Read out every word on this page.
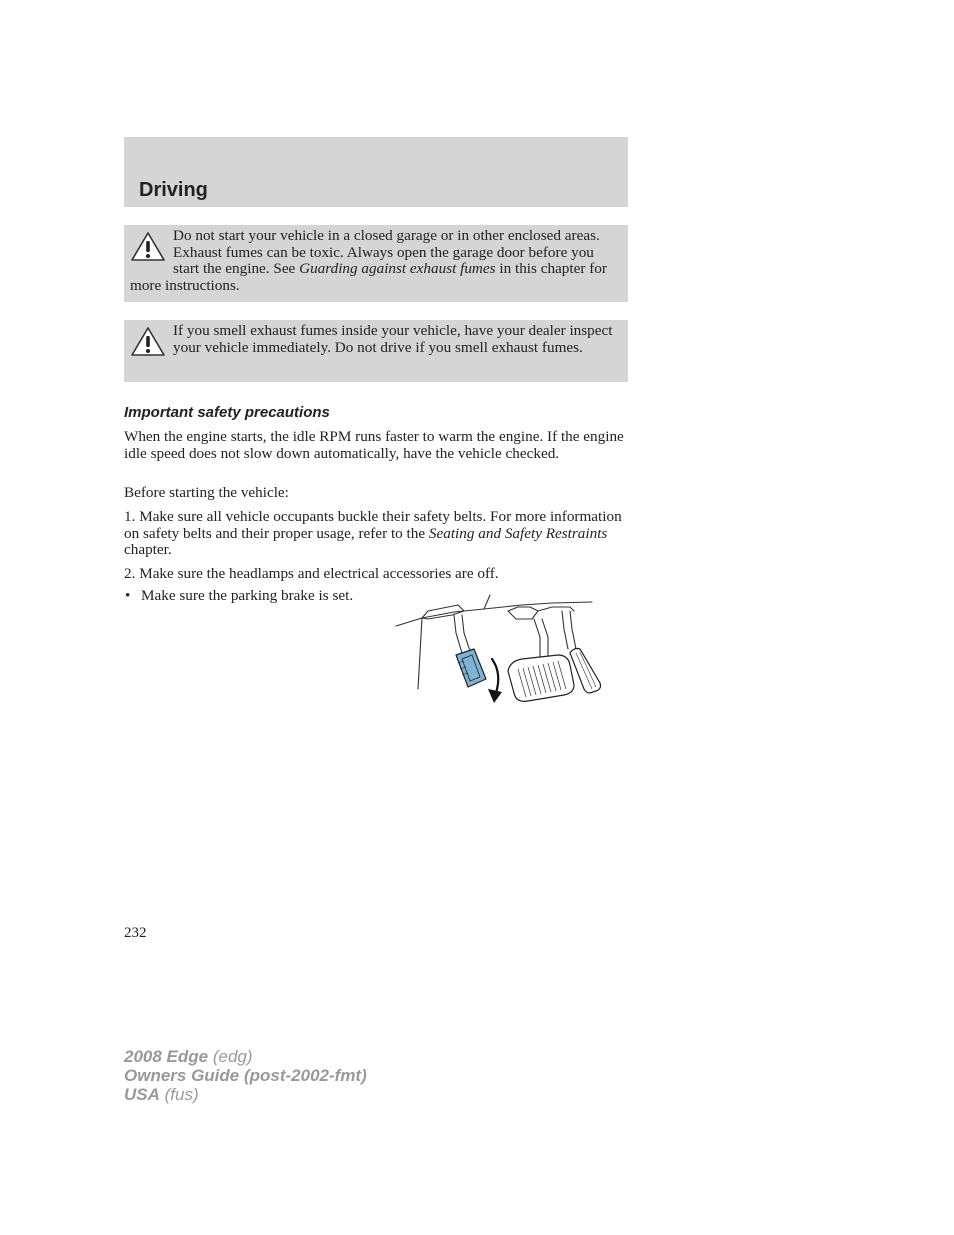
Driving
Do not start your vehicle in a closed garage or in other enclosed areas. Exhaust fumes can be toxic. Always open the garage door before you start the engine. See Guarding against exhaust fumes in this chapter for more instructions.
If you smell exhaust fumes inside your vehicle, have your dealer inspect your vehicle immediately. Do not drive if you smell exhaust fumes.
Important safety precautions

When the engine starts, the idle RPM runs faster to warm the engine. If the engine idle speed does not slow down automatically, have the vehicle checked.

Before starting the vehicle:

1. Make sure all vehicle occupants buckle their safety belts. For more information on safety belts and their proper usage, refer to the Seating and Safety Restraints chapter.

2. Make sure the headlamps and electrical accessories are off.

• Make sure the parking brake is set.
232
2008 Edge (edg)
Owners Guide (post-2002-fmt)
USA (fus)
